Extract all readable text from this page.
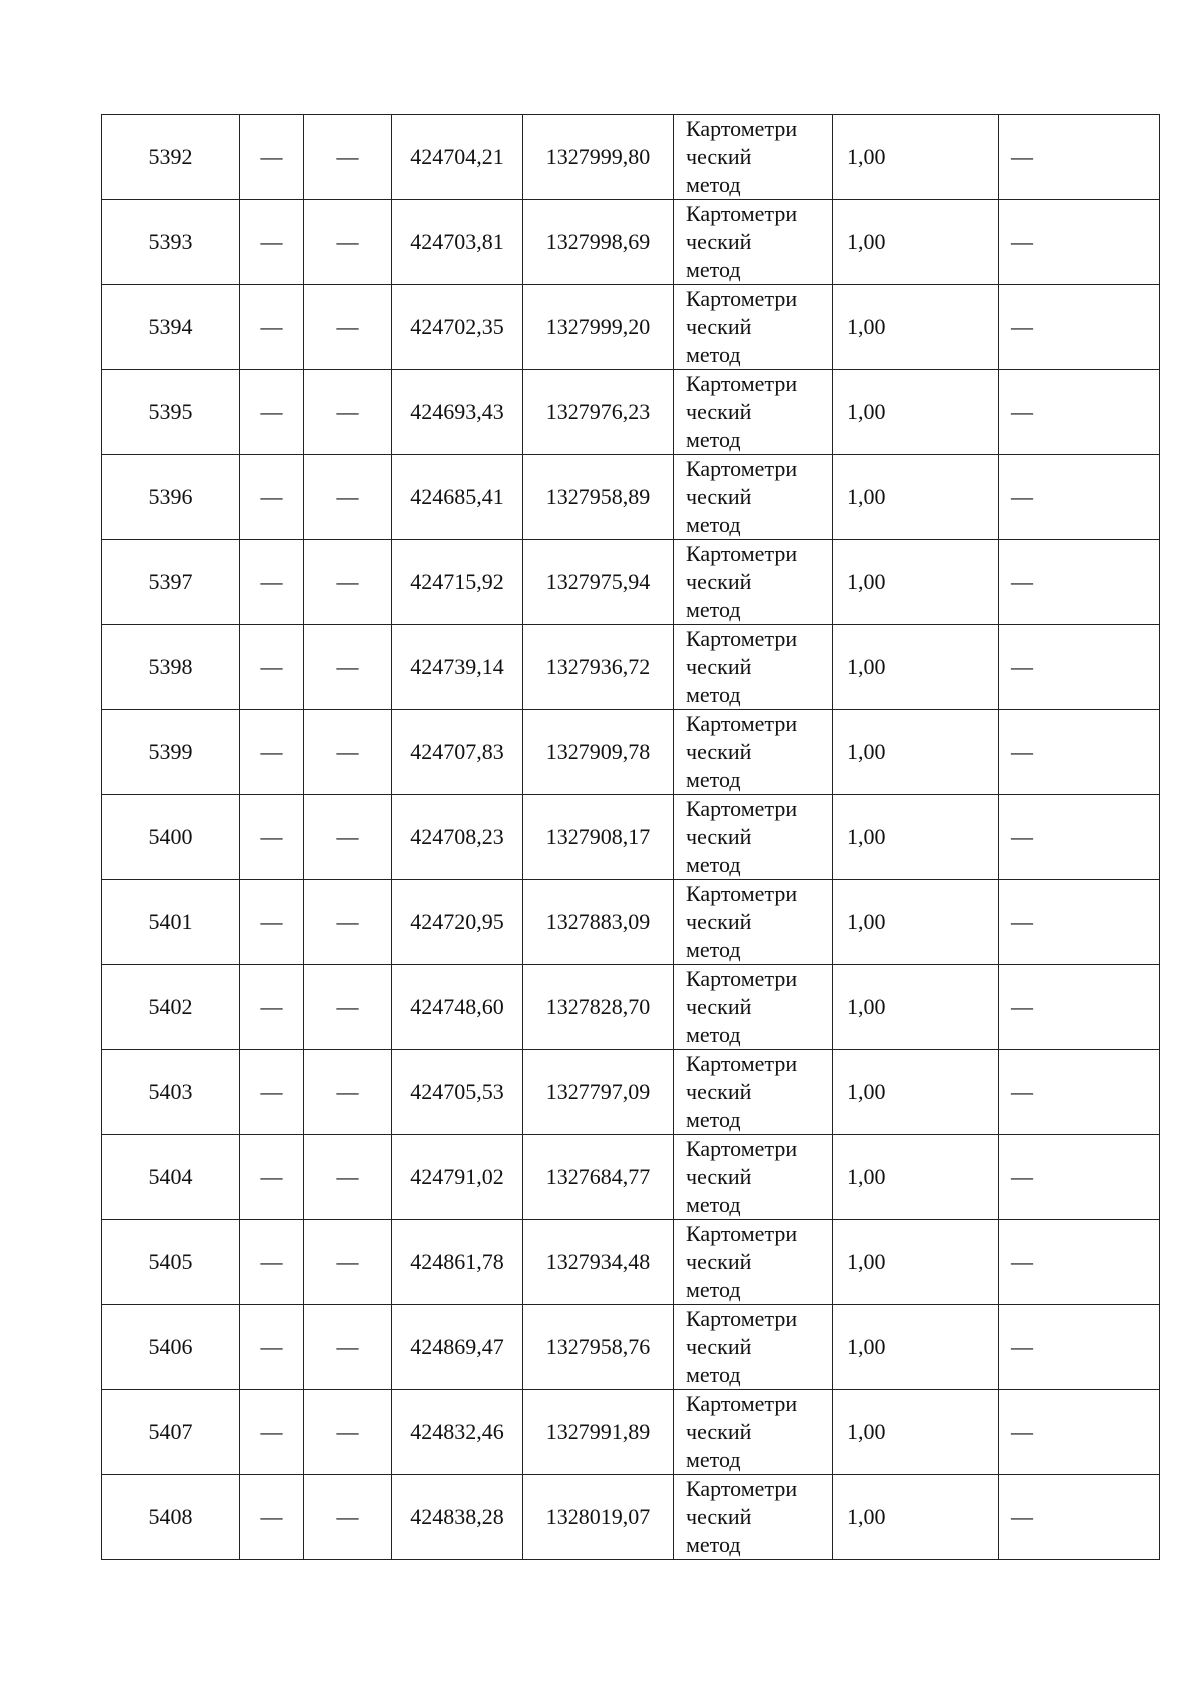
5392	—	—	424704,21	1327999,80	Картометри
ческий
метод	1,00	—
5393	—	—	424703,81	1327998,69	Картометри
ческий
метод	1,00	—
5394	—	—	424702,35	1327999,20	Картометри
ческий
метод	1,00	—
5395	—	—	424693,43	1327976,23	Картометри
ческий
метод	1,00	—
5396	—	—	424685,41	1327958,89	Картометри
ческий
метод	1,00	—
5397	—	—	424715,92	1327975,94	Картометри
ческий
метод	1,00	—
5398	—	—	424739,14	1327936,72	Картометри
ческий
метод	1,00	—
5399	—	—	424707,83	1327909,78	Картометри
ческий
метод	1,00	—
5400	—	—	424708,23	1327908,17	Картометри
ческий
метод	1,00	—
5401	—	—	424720,95	1327883,09	Картометри
ческий
метод	1,00	—
5402	—	—	424748,60	1327828,70	Картометри
ческий
метод	1,00	—
5403	—	—	424705,53	1327797,09	Картометри
ческий
метод	1,00	—
5404	—	—	424791,02	1327684,77	Картометри
ческий
метод	1,00	—
5405	—	—	424861,78	1327934,48	Картометри
ческий
метод	1,00	—
5406	—	—	424869,47	1327958,76	Картометри
ческий
метод	1,00	—
5407	—	—	424832,46	1327991,89	Картометри
ческий
метод	1,00	—
5408	—	—	424838,28	1328019,07	Картометри
ческий
метод	1,00	—
